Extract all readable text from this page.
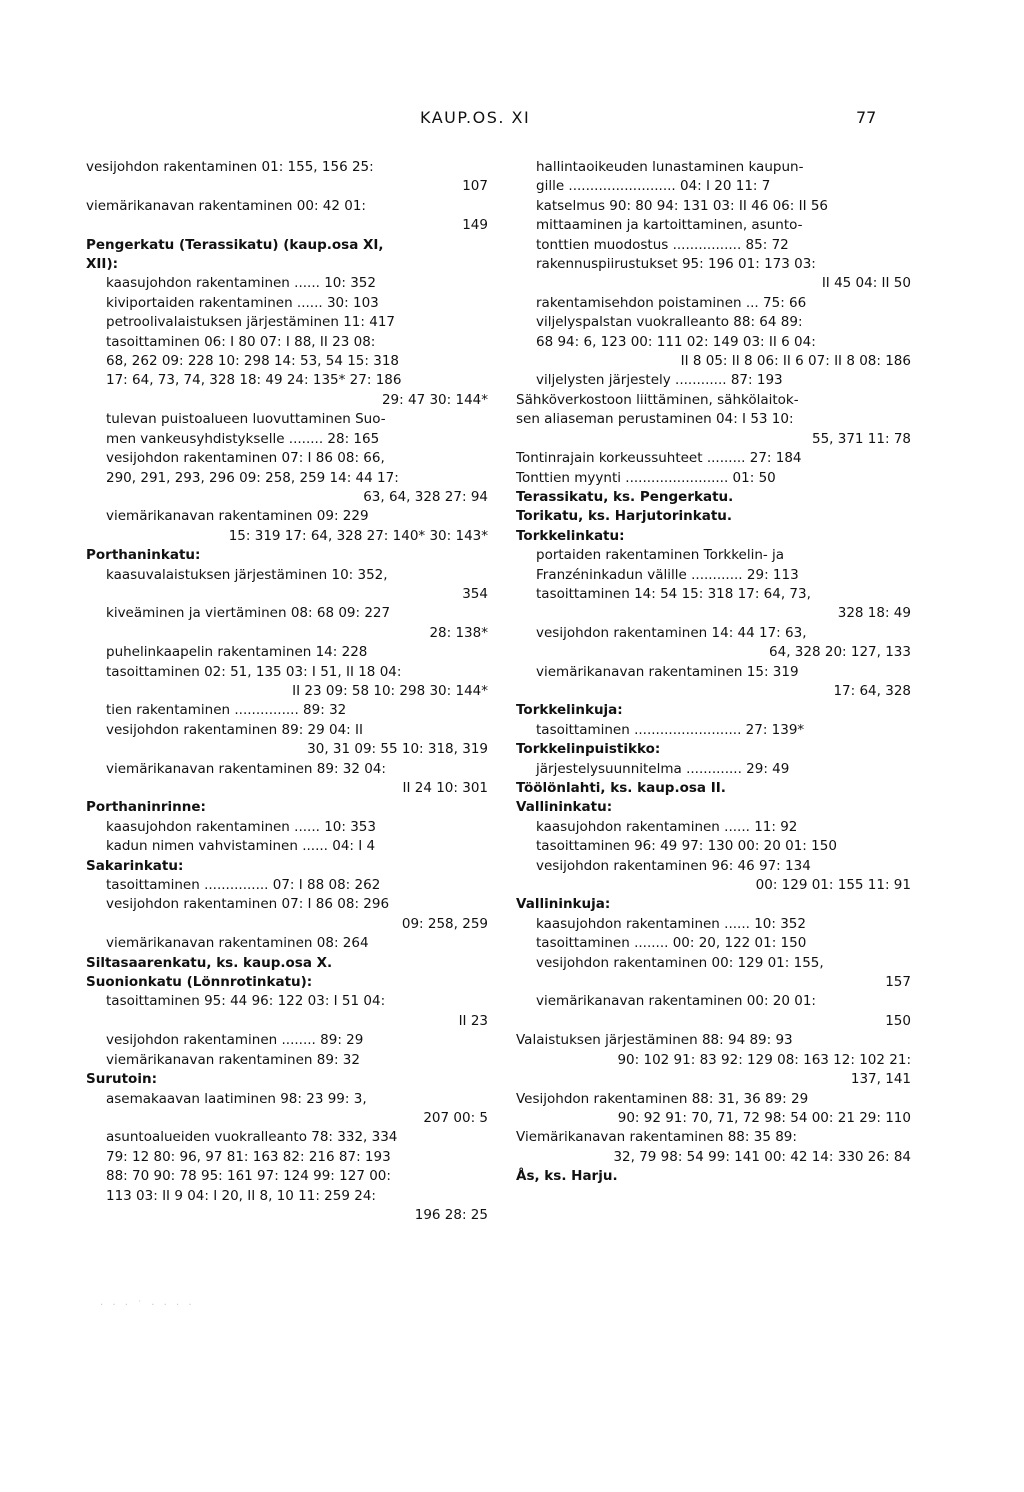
KAUP.OS. XI	77
vesijohdon rakentaminen 01: 155, 156 25:
107
viemärikanavan rakentaminen 00: 42 01:
149
Pengerkatu (Terassikatu) (kaup.osa XI,
XII):
kaasujohdon rakentaminen ...... 10: 352
kiviportaiden rakentaminen ...... 30: 103
petroolivalaistuksen järjestäminen 11: 417
tasoittaminen 06: I 80 07: I 88, II 23 08:
68, 262 09: 228 10: 298 14: 53, 54 15: 318
17: 64, 73, 74, 328 18: 49 24: 135* 27: 186
29: 47 30: 144*
tulevan puistoalueen luovuttaminen Suo-
men vankeusyhdistykselle ........ 28: 165
vesijohdon rakentaminen 07: I 86 08: 66,
290, 291, 293, 296 09: 258, 259 14: 44 17:
63, 64, 328 27: 94
viemärikanavan rakentaminen 09: 229
15: 319 17: 64, 328 27: 140* 30: 143*
Porthaninkatu:
kaasuvalaistuksen järjestäminen 10: 352,
354
kiveäminen ja viertäminen 08: 68 09: 227
28: 138*
puhelinkaapelin rakentaminen 14: 228
tasoittaminen 02: 51, 135 03: I 51, II 18 04:
II 23 09: 58 10: 298 30: 144*
tien rakentaminen ............... 89: 32
vesijohdon rakentaminen 89: 29 04: II
30, 31 09: 55 10: 318, 319
viemärikanavan rakentaminen 89: 32 04:
II 24 10: 301
Porthaninrinne:
kaasujohdon rakentaminen ...... 10: 353
kadun nimen vahvistaminen ...... 04: I 4
Sakarinkatu:
tasoittaminen ............... 07: I 88 08: 262
vesijohdon rakentaminen 07: I 86 08: 296
09: 258, 259
viemärikanavan rakentaminen 08: 264
Siltasaarenkatu, ks. kaup.osa X.
Suonionkatu (Lönnrotinkatu):
tasoittaminen 95: 44 96: 122 03: I 51 04:
II 23
vesijohdon rakentaminen ........ 89: 29
viemärikanavan rakentaminen 89: 32
Surutoin:
asemakaavan laatiminen 98: 23 99: 3,
207 00: 5
asuntoalueiden vuokralleanto 78: 332, 334
79: 12 80: 96, 97 81: 163 82: 216 87: 193
88: 70 90: 78 95: 161 97: 124 99: 127 00:
113 03: II 9 04: I 20, II 8, 10 11: 259 24:
196 28: 25
hallintaoikeuden lunastaminen kaupun-
gille ......................... 04: I 20 11: 7
katselmus 90: 80 94: 131 03: II 46 06: II 56
mittaaminen ja kartoittaminen, asunto-
tonttien muodostus ................ 85: 72
rakennuspiirustukset 95: 196 01: 173 03:
II 45 04: II 50
rakentamisehdon poistaminen ... 75: 66
viljelyspalstan vuokralleanto 88: 64 89:
68 94: 6, 123 00: 111 02: 149 03: II 6 04:
II 8 05: II 8 06: II 6 07: II 8 08: 186
viljelysten järjestely ............ 87: 193
Sähköverkostoon liittäminen, sähkölaitok-
sen aliaseman perustaminen 04: I 53 10:
55, 371 11: 78
Tontinrajain korkeussuhteet ......... 27: 184
Tonttien myynti ........................ 01: 50
Terassikatu, ks. Pengerkatu.
Torikatu, ks. Harjutorinkatu.
Torkkelinkatu:
portaiden rakentaminen Torkkelin- ja
Franzéninkadun välille ............ 29: 113
tasoittaminen 14: 54 15: 318 17: 64, 73,
328 18: 49
vesijohdon rakentaminen 14: 44 17: 63,
64, 328 20: 127, 133
viemärikanavan rakentaminen 15: 319
17: 64, 328
Torkkelinkuja:
tasoittaminen ......................... 27: 139*
Torkkelinpuistikko:
järjestelysuunnitelma ............. 29: 49
Töölönlahti, ks. kaup.osa II.
Vallininkatu:
kaasujohdon rakentaminen ...... 11: 92
tasoittaminen 96: 49 97: 130 00: 20 01: 150
vesijohdon rakentaminen 96: 46 97: 134
00: 129 01: 155 11: 91
Vallininkuja:
kaasujohdon rakentaminen ...... 10: 352
tasoittaminen ........ 00: 20, 122 01: 150
vesijohdon rakentaminen 00: 129 01: 155,
157
viemärikanavan rakentaminen 00: 20 01:
150
Valaistuksen järjestäminen 88: 94 89: 93
90: 102 91: 83 92: 129 08: 163 12: 102 21:
137, 141
Vesijohdon rakentaminen 88: 31, 36 89: 29
90: 92 91: 70, 71, 72 98: 54 00: 21 29: 110
Viemärikanavan rakentaminen 88: 35 89:
32, 79 98: 54 99: 141 00: 42 14: 330 26: 84
Ås, ks. Harju.
· · · ˙ · · · ·
